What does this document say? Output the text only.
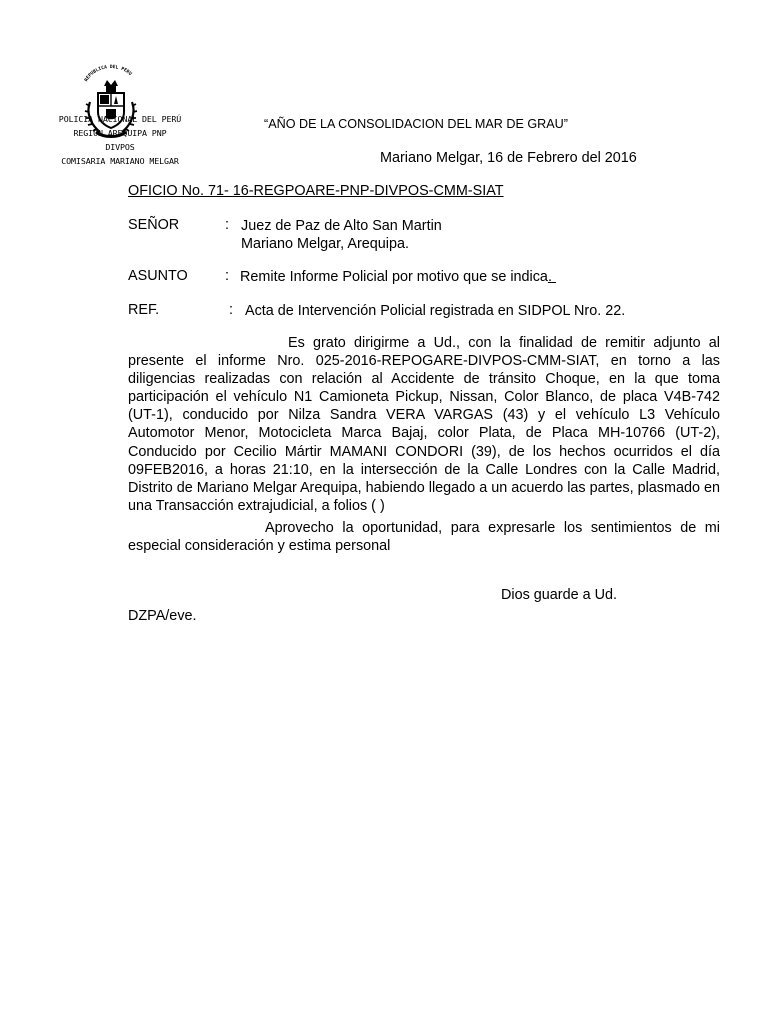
REPUBLICA DEL PERU
POLICIA NACIONAL DEL PERÚ
REGION AREQUIPA PNP
DIVPOS
COMISARIA MARIANO MELGAR
“AÑO DE LA CONSOLIDACION DEL MAR DE GRAU”
Mariano Melgar, 16 de Febrero del 2016
OFICIO No. 71- 16-REGPOARE-PNP-DIVPOS-CMM-SIAT
SEÑOR	: Juez de Paz de Alto San Martin
Mariano Melgar, Arequipa.
ASUNTO	: Remite Informe Policial por motivo que se indica.
REF.	: Acta de Intervención Policial registrada en SIDPOL Nro. 22.
Es grato dirigirme a Ud., con la finalidad de remitir adjunto al presente el informe Nro. 025-2016-REPOGARE-DIVPOS-CMM-SIAT, en torno a las diligencias realizadas con relación al Accidente de tránsito Choque, en la que toma participación el vehículo N1 Camioneta Pickup, Nissan, Color Blanco, de placa V4B-742 (UT-1), conducido por Nilza Sandra VERA VARGAS (43) y el vehículo L3 Vehículo Automotor Menor, Motocicleta Marca Bajaj, color Plata, de Placa MH-10766 (UT-2), Conducido por Cecilio Mártir MAMANI CONDORI (39), de los hechos ocurridos el día 09FEB2016, a horas 21:10, en la intersección de la Calle Londres con la Calle Madrid, Distrito de Mariano Melgar Arequipa, habiendo llegado a un acuerdo las partes, plasmado en una Transacción extrajudicial, a folios ( )
Aprovecho la oportunidad, para expresarle los sentimientos de mi especial consideración y estima personal
Dios guarde a Ud.
DZPA/eve.
